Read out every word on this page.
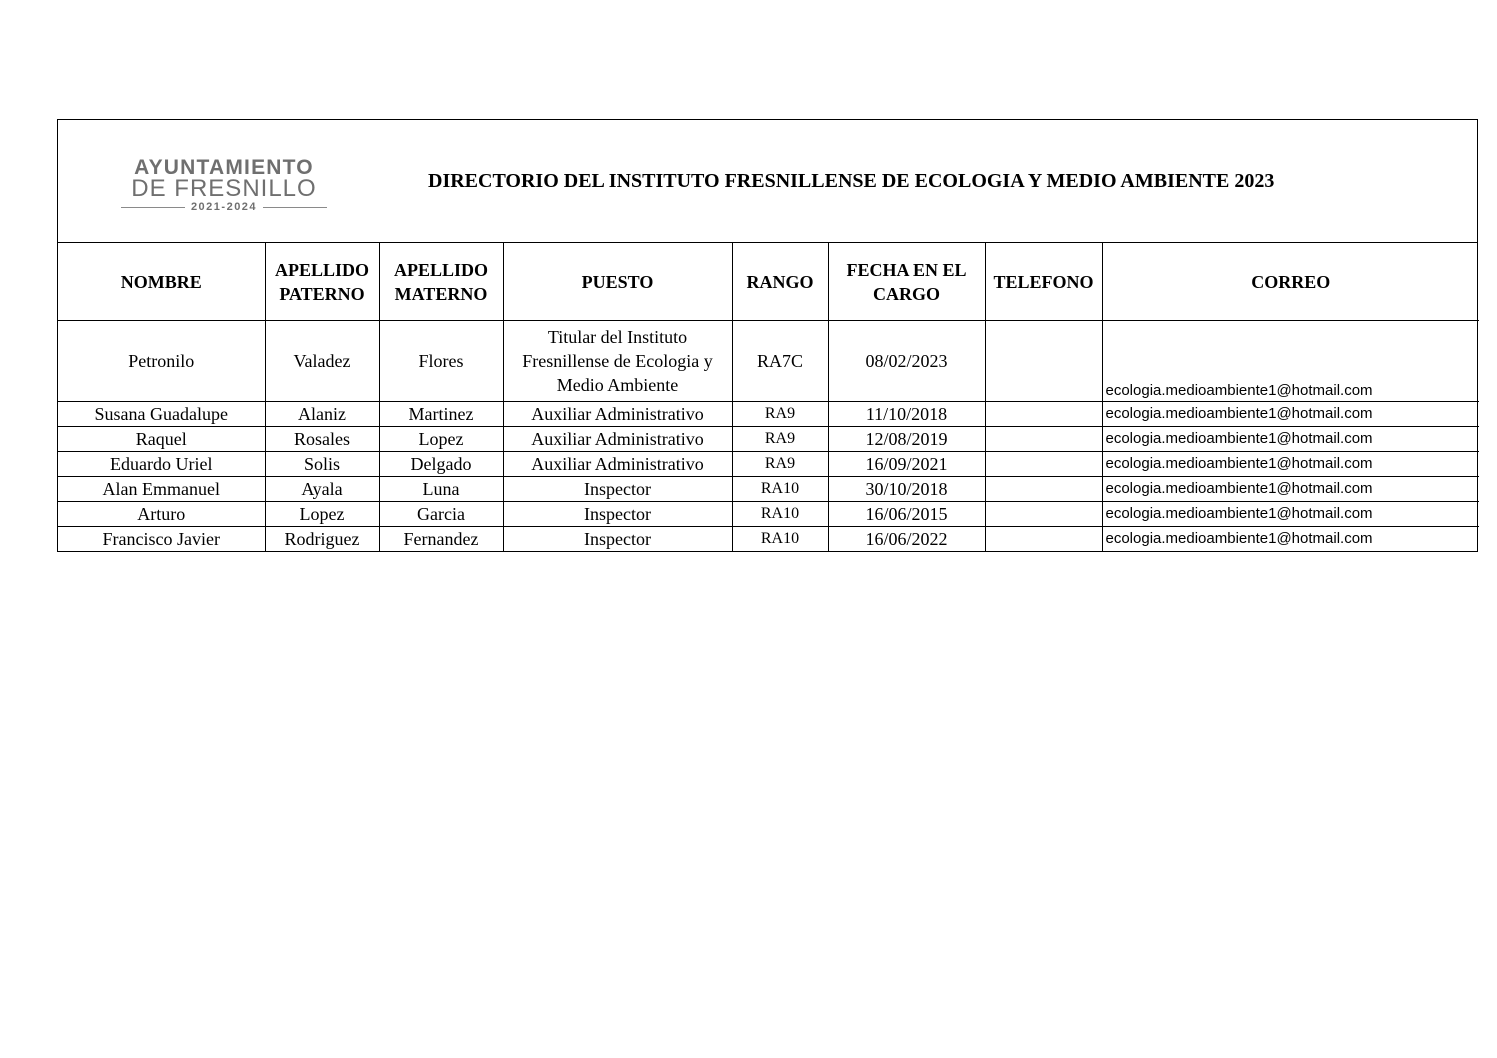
AYUNTAMIENTO
DE FRESNILLO
2021-2024
DIRECTORIO DEL INSTITUTO FRESNILLENSE DE ECOLOGIA Y MEDIO AMBIENTE 2023
NOMBRE	APELLIDO PATERNO	APELLIDO MATERNO	PUESTO	RANGO	FECHA EN EL CARGO	TELEFONO	CORREO
Petronilo	Valadez	Flores	Titular del Instituto Fresnillense de Ecologia y Medio Ambiente	RA7C	08/02/2023		ecologia.medioambiente1@hotmail.com
Susana Guadalupe	Alaniz	Martinez	Auxiliar Administrativo	RA9	11/10/2018		ecologia.medioambiente1@hotmail.com
Raquel	Rosales	Lopez	Auxiliar Administrativo	RA9	12/08/2019		ecologia.medioambiente1@hotmail.com
Eduardo Uriel	Solis	Delgado	Auxiliar Administrativo	RA9	16/09/2021		ecologia.medioambiente1@hotmail.com
Alan Emmanuel	Ayala	Luna	Inspector	RA10	30/10/2018		ecologia.medioambiente1@hotmail.com
Arturo	Lopez	Garcia	Inspector	RA10	16/06/2015		ecologia.medioambiente1@hotmail.com
Francisco Javier	Rodriguez	Fernandez	Inspector	RA10	16/06/2022		ecologia.medioambiente1@hotmail.com
